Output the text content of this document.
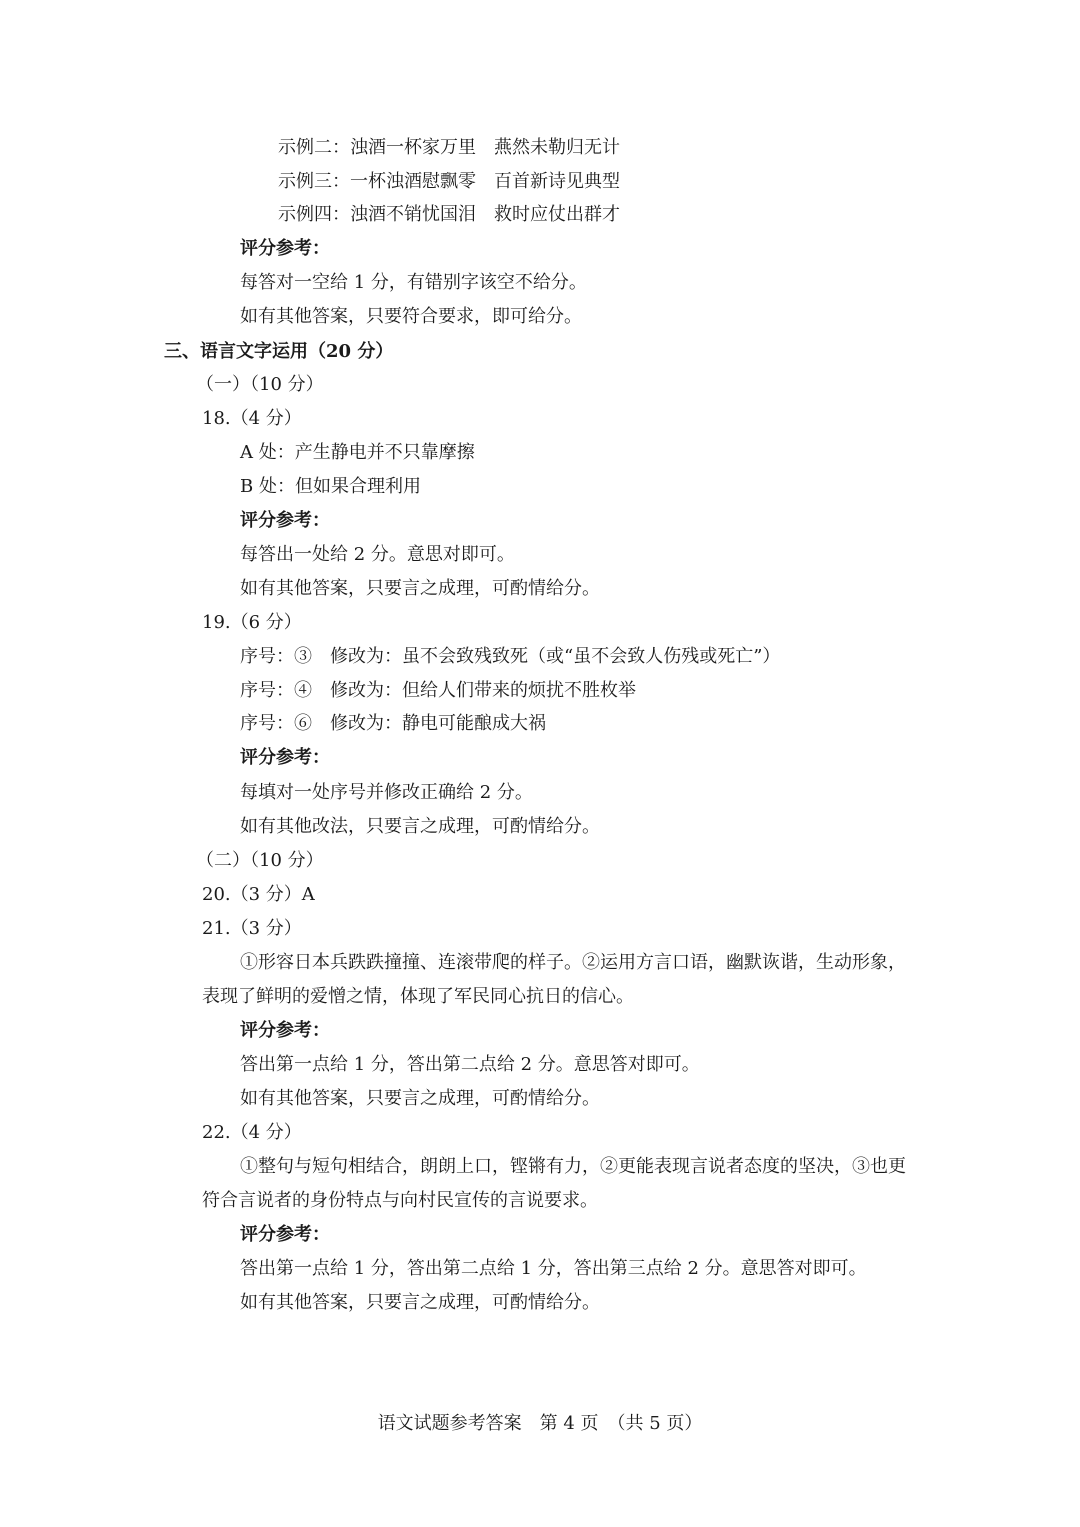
示例二：浊酒一杯家万里　燕然未勒归无计
示例三：一杯浊酒慰飘零　百首新诗见典型
示例四：浊酒不销忧国泪　救时应仗出群才
评分参考：
每答对一空给 1 分，有错别字该空不给分。
如有其他答案，只要符合要求，即可给分。
三、语言文字运用（20 分）
（一）（10 分）
18.（4 分）
A 处：产生静电并不只靠摩擦
B 处：但如果合理利用
评分参考：
每答出一处给 2 分。意思对即可。
如有其他答案，只要言之成理，可酌情给分。
19.（6 分）
序号：③　修改为：虽不会致残致死（或“虽不会致人伤残或死亡”）
序号：④　修改为：但给人们带来的烦扰不胜枚举
序号：⑥　修改为：静电可能酿成大祸
评分参考：
每填对一处序号并修改正确给 2 分。
如有其他改法，只要言之成理，可酌情给分。
（二）（10 分）
20.（3 分）A
21.（3 分）
①形容日本兵跌跌撞撞、连滚带爬的样子。②运用方言口语，幽默诙谐，生动形象，表现了鲜明的爱憎之情，体现了军民同心抗日的信心。
评分参考：
答出第一点给 1 分，答出第二点给 2 分。意思答对即可。
如有其他答案，只要言之成理，可酌情给分。
22.（4 分）
①整句与短句相结合，朗朗上口，铿锵有力，②更能表现言说者态度的坚决，③也更符合言说者的身份特点与向村民宣传的言说要求。
评分参考：
答出第一点给 1 分，答出第二点给 1 分，答出第三点给 2 分。意思答对即可。
如有其他答案，只要言之成理，可酌情给分。
语文试题参考答案　第 4 页　（共 5 页）
